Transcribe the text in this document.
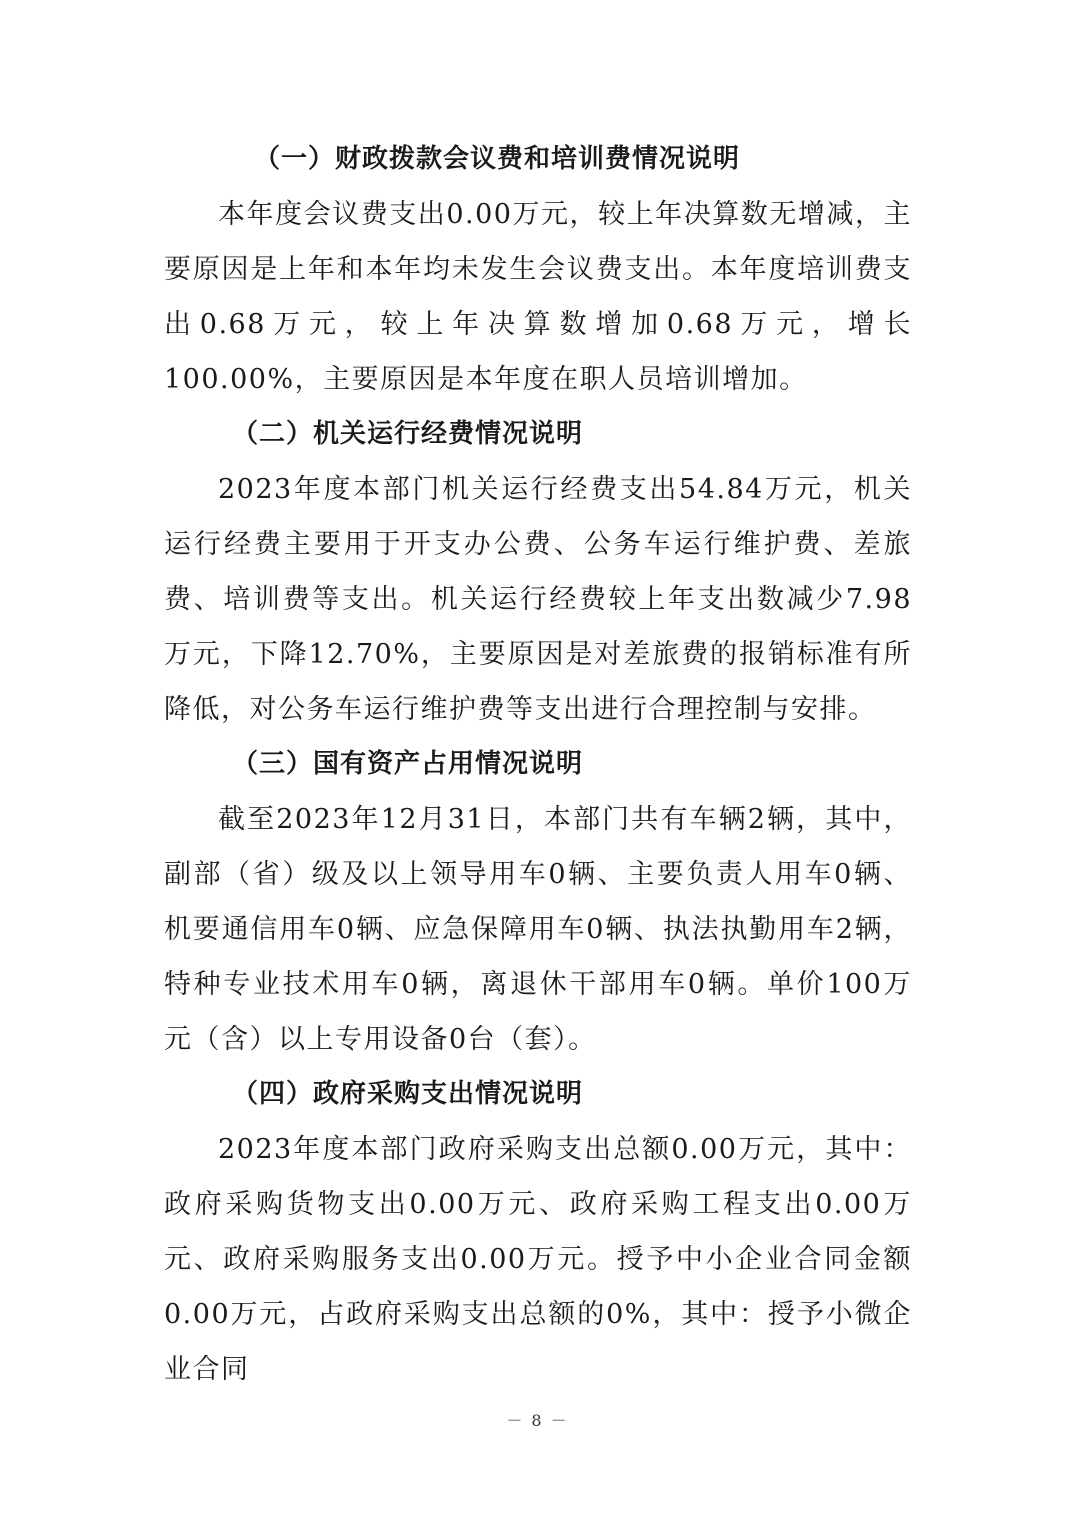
（一）财政拨款会议费和培训费情况说明

本年度会议费支出0.00万元，较上年决算数无增减，主要原因是上年和本年均未发生会议费支出。本年度培训费支出0.68万元，较上年决算数增加0.68万元，增长100.00%，主要原因是本年度在职人员培训增加。

（二）机关运行经费情况说明

2023年度本部门机关运行经费支出54.84万元，机关运行经费主要用于开支办公费、公务车运行维护费、差旅费、培训费等支出。机关运行经费较上年支出数减少7.98万元，下降12.70%，主要原因是对差旅费的报销标准有所降低，对公务车运行维护费等支出进行合理控制与安排。

（三）国有资产占用情况说明

截至2023年12月31日，本部门共有车辆2辆，其中，副部（省）级及以上领导用车0辆、主要负责人用车0辆、机要通信用车0辆、应急保障用车0辆、执法执勤用车2辆，特种专业技术用车0辆，离退休干部用车0辆。单价100万元（含）以上专用设备0台（套）。

（四）政府采购支出情况说明

2023年度本部门政府采购支出总额0.00万元，其中：政府采购货物支出0.00万元、政府采购工程支出0.00万元、政府采购服务支出0.00万元。授予中小企业合同金额0.00万元，占政府采购支出总额的0%，其中：授予小微企业合同

－ 8 －
